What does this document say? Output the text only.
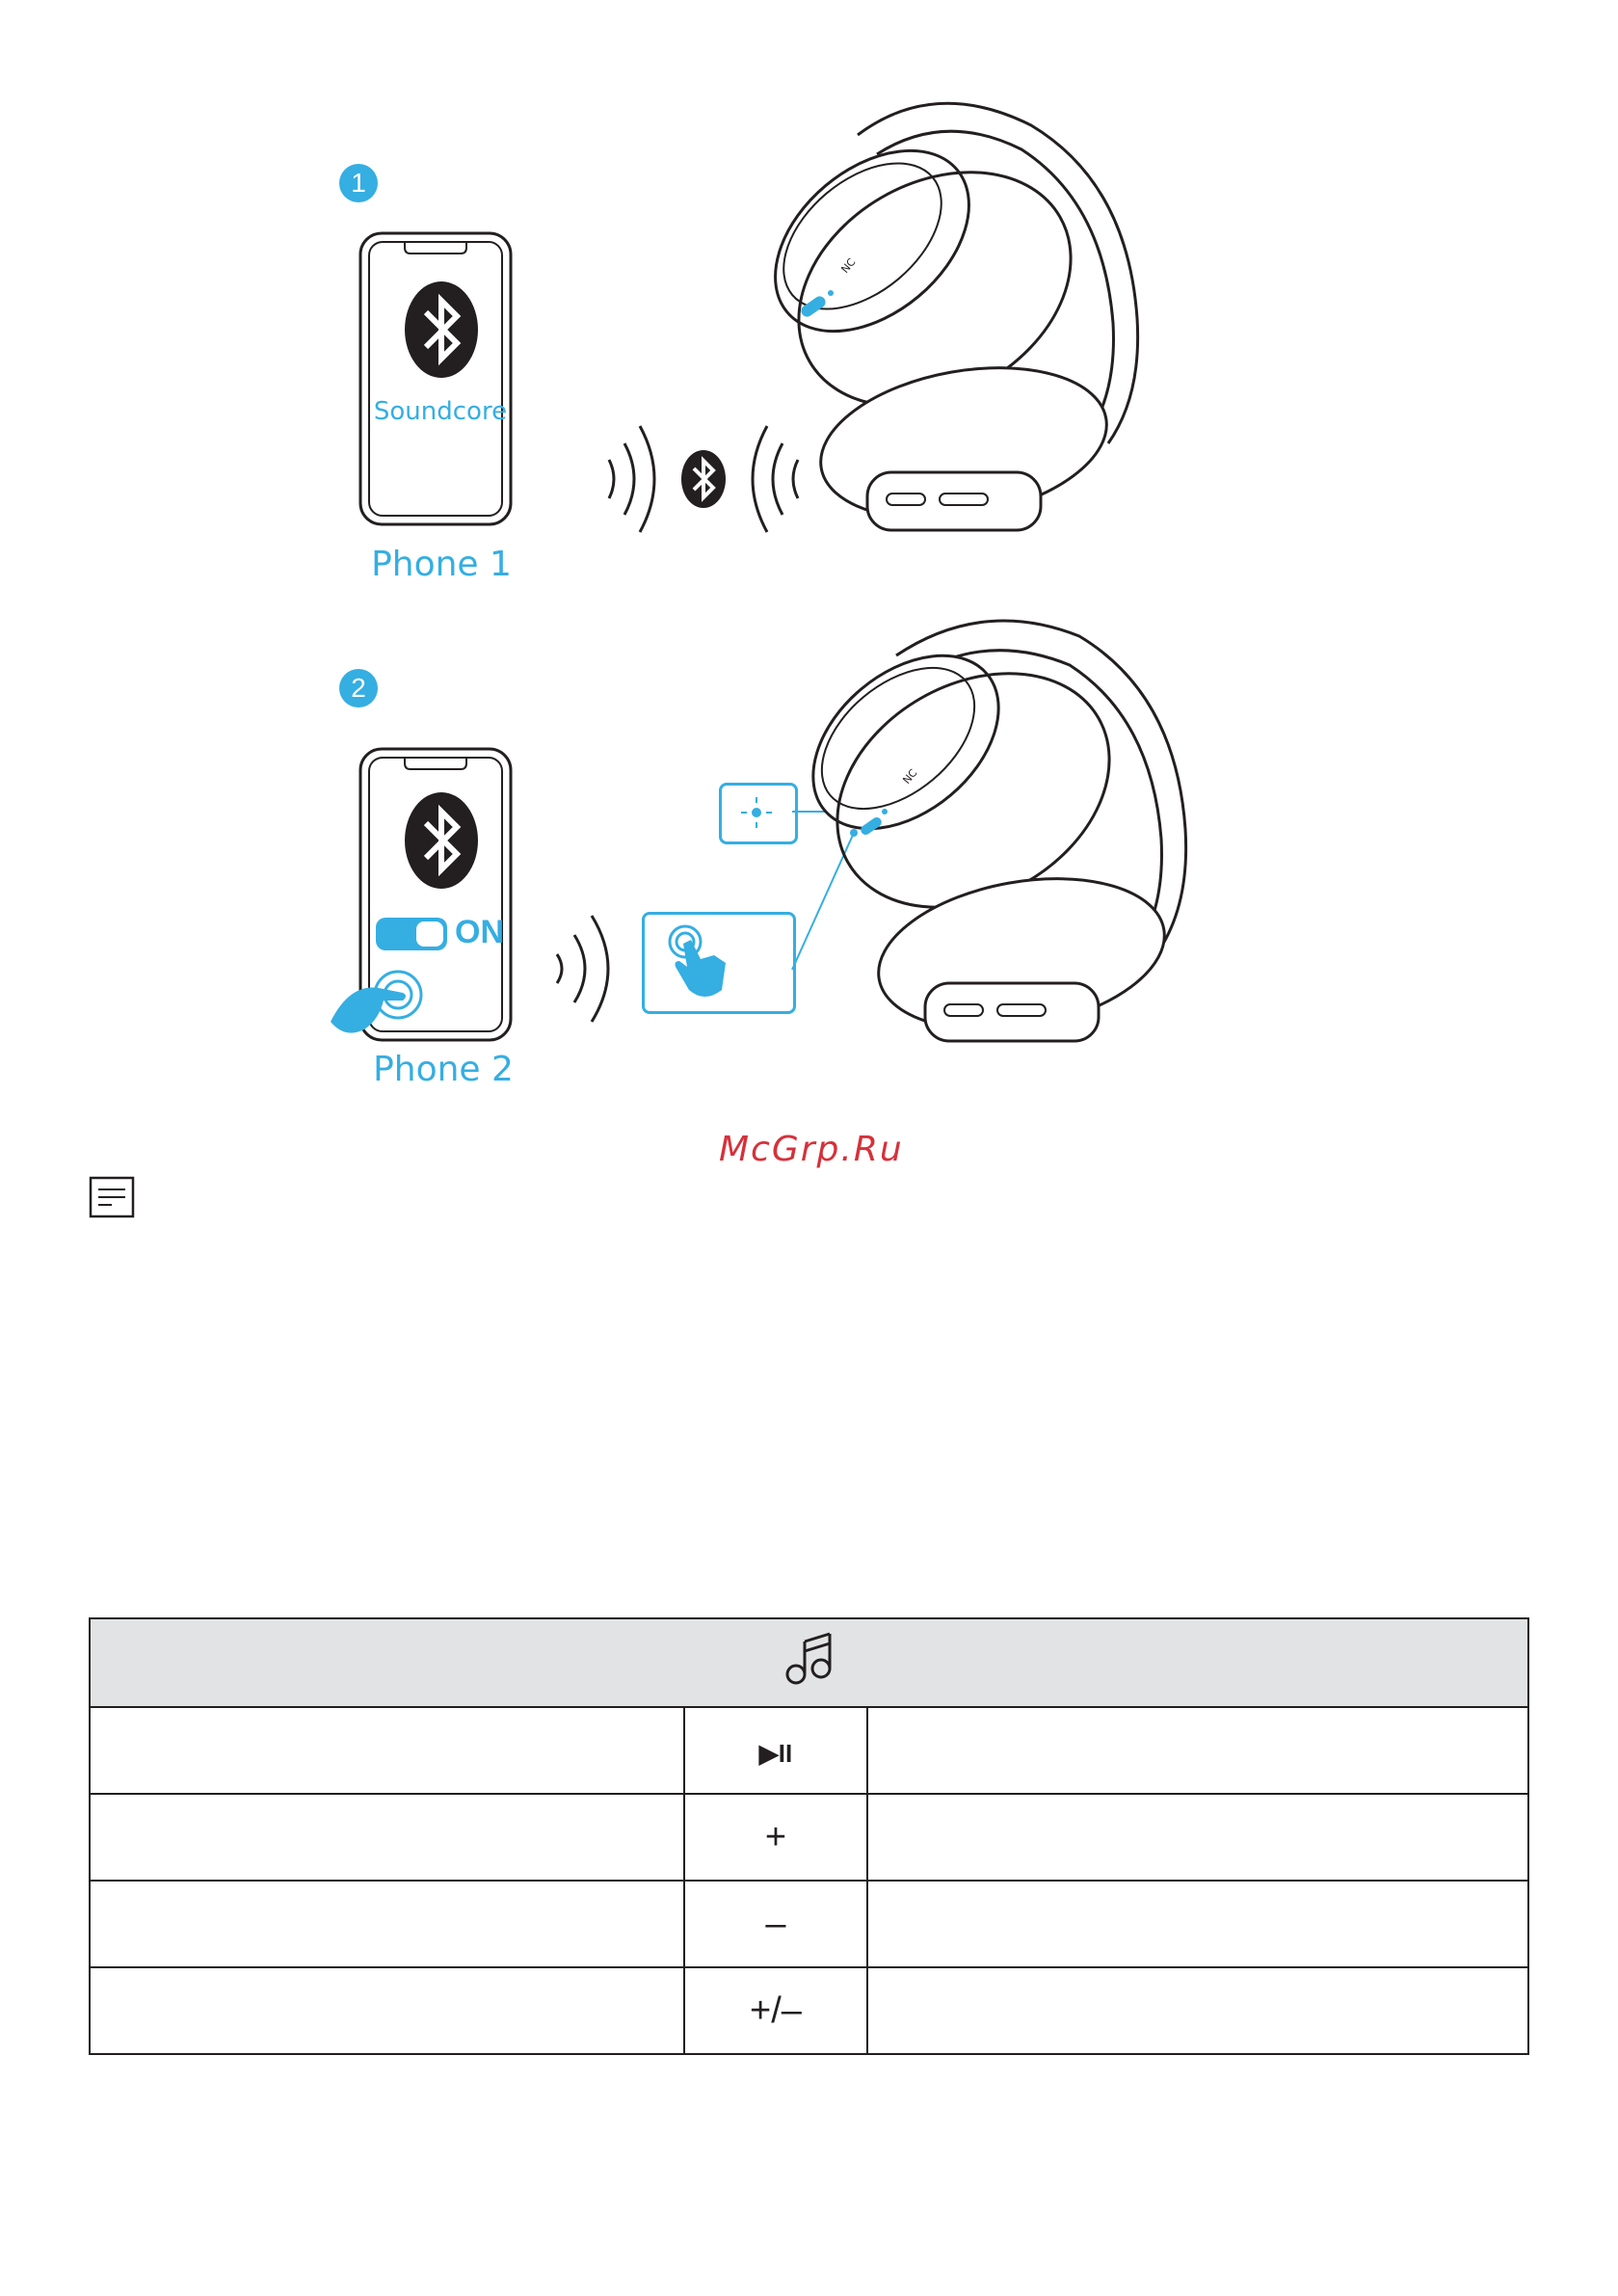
1
Soundcore
Phone 1
NC
2
ON
Phone 2
NC
McGrp.Ru

	▶II	
	+	
	–	
	+/–	
